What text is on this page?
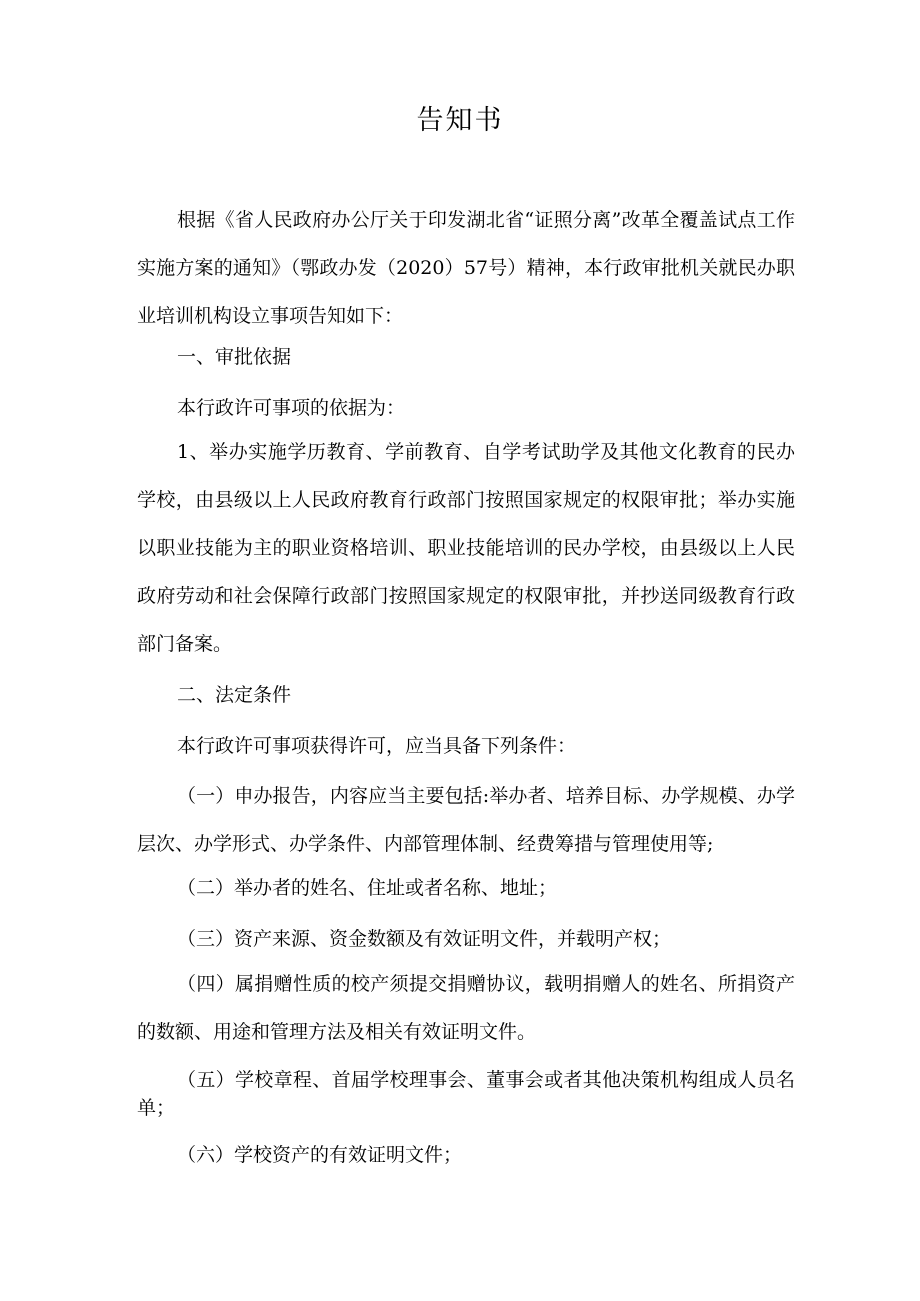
告知书

根据《省人民政府办公厅关于印发湖北省“证照分离”改革全覆盖试点工作实施方案的通知》（鄂政办发（2020）57号）精神，本行政审批机关就民办职业培训机构设立事项告知如下：

一、审批依据

本行政许可事项的依据为：

1、举办实施学历教育、学前教育、自学考试助学及其他文化教育的民办学校，由县级以上人民政府教育行政部门按照国家规定的权限审批；举办实施以职业技能为主的职业资格培训、职业技能培训的民办学校，由县级以上人民政府劳动和社会保障行政部门按照国家规定的权限审批，并抄送同级教育行政部门备案。

二、法定条件

本行政许可事项获得许可，应当具备下列条件：

（一）申办报告，内容应当主要包括:举办者、培养目标、办学规模、办学层次、办学形式、办学条件、内部管理体制、经费筹措与管理使用等;

（二）举办者的姓名、住址或者名称、地址；

（三）资产来源、资金数额及有效证明文件，并载明产权；

（四）属捐赠性质的校产须提交捐赠协议，载明捐赠人的姓名、所捐资产的数额、用途和管理方法及相关有效证明文件。

（五）学校章程、首届学校理事会、董事会或者其他决策机构组成人员名单；

（六）学校资产的有效证明文件；
